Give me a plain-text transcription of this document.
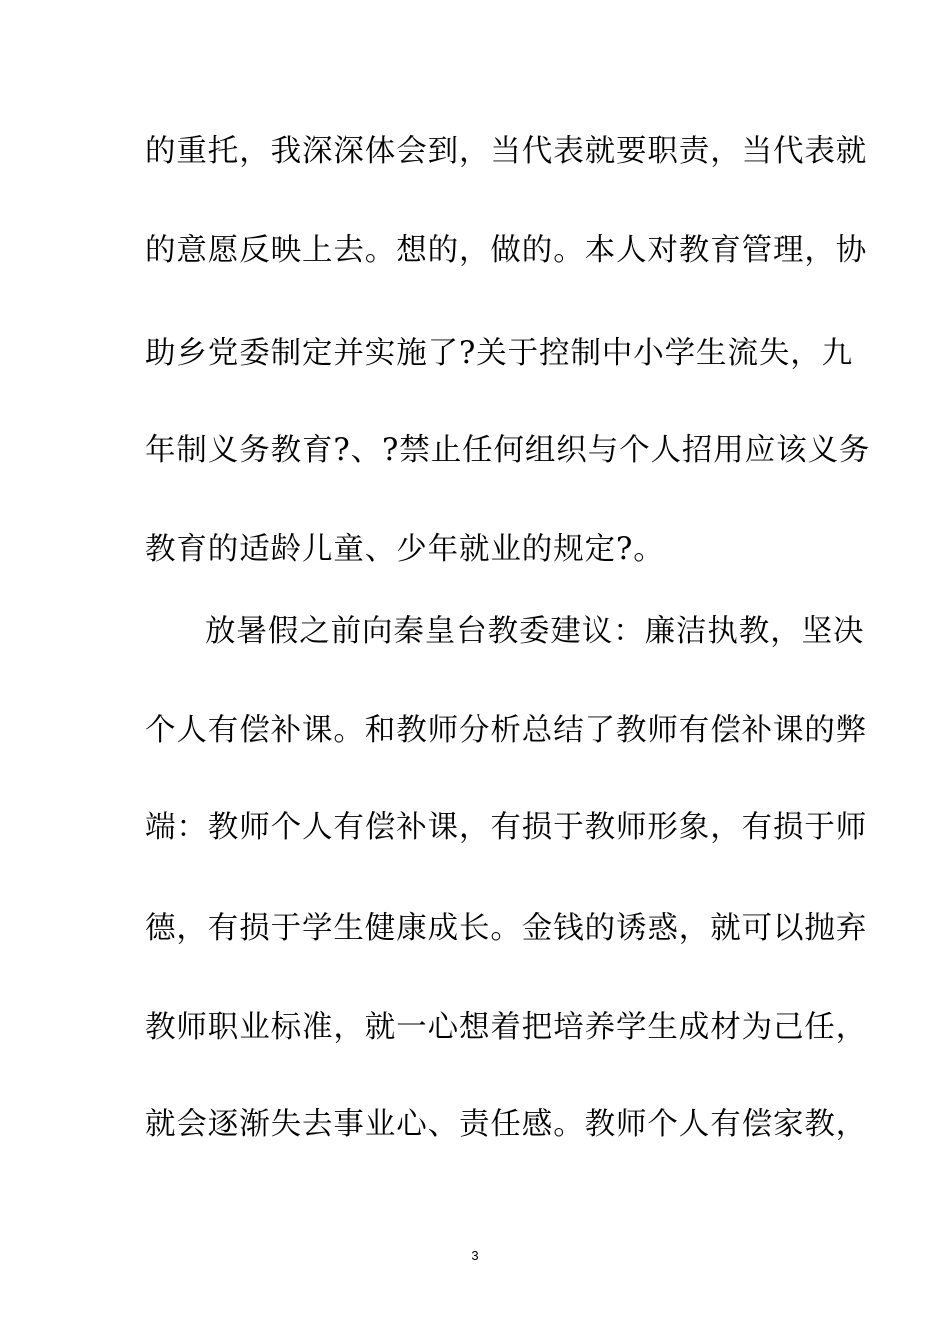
的重托，我深深体会到，当代表就要职责，当代表就
的意愿反映上去。想的，做的。本人对教育管理，协
助乡党委制定并实施了?关于控制中小学生流失，九
年制义务教育?、?禁止任何组织与个人招用应该义务
教育的适龄儿童、少年就业的规定?。
放暑假之前向秦皇台教委建议：廉洁执教，坚决
个人有偿补课。和教师分析总结了教师有偿补课的弊
端：教师个人有偿补课，有损于教师形象，有损于师
德，有损于学生健康成长。金钱的诱惑，就可以抛弃
教师职业标准，就一心想着把培养学生成材为己任，
就会逐渐失去事业心、责任感。教师个人有偿家教，
3
